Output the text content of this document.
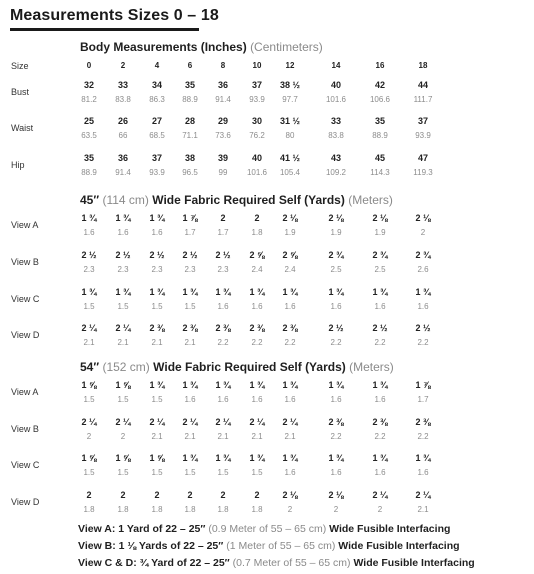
Measurements Sizes 0 – 18
Body Measurements (Inches) (Centimeters)
45″ (114 cm) Wide Fabric Required Self (Yards) (Meters)
54″ (152 cm) Wide Fabric Required Self (Yards) (Meters)
Size	0	2	4	6	8	10	12	14	16	18
Bust
32	33	34	35	36	37	38 ½	40	42	44
81.2	83.8	86.3	88.9	91.4	93.9	97.7	101.6	106.6	111.7
Waist
25	26	27	28	29	30	31 ½	33	35	37
63.5	66	68.5	71.1	73.6	76.2	80	83.8	88.9	93.9
Hip
35	36	37	38	39	40	41 ½	43	45	47
88.9	91.4	93.9	96.5	99	101.6	105.4	109.2	114.3	119.3
View A
1 ¾	1 ¾	1 ¾	1 ⅞	2	2	2 ⅛	2 ⅛	2 ⅛	2 ⅛
1.6	1.6	1.6	1.7	1.7	1.8	1.9	1.9	1.9	2
View B
2 ½	2 ½	2 ½	2 ½	2 ½	2 ⅝	2 ⅝	2 ¾	2 ¾	2 ¾
2.3	2.3	2.3	2.3	2.3	2.4	2.4	2.5	2.5	2.6
View C
1 ¾	1 ¾	1 ¾	1 ¾	1 ¾	1 ¾	1 ¾	1 ¾	1 ¾	1 ¾
1.5	1.5	1.5	1.5	1.6	1.6	1.6	1.6	1.6	1.6
View D
2 ¼	2 ¼	2 ⅜	2 ⅜	2 ⅜	2 ⅜	2 ⅜	2 ½	2 ½	2 ½
2.1	2.1	2.1	2.1	2.2	2.2	2.2	2.2	2.2	2.2
View A
1 ⅝	1 ⅝	1 ¾	1 ¾	1 ¾	1 ¾	1 ¾	1 ¾	1 ¾	1 ⅞
1.5	1.5	1.5	1.6	1.6	1.6	1.6	1.6	1.6	1.7
View B
2 ¼	2 ¼	2 ¼	2 ¼	2 ¼	2 ¼	2 ¼	2 ⅜	2 ⅜	2 ⅜
2	2	2.1	2.1	2.1	2.1	2.1	2.2	2.2	2.2
View C
1 ⅝	1 ⅝	1 ⅝	1 ¾	1 ¾	1 ¾	1 ¾	1 ¾	1 ¾	1 ¾
1.5	1.5	1.5	1.5	1.5	1.5	1.6	1.6	1.6	1.6
View D
2	2	2	2	2	2	2 ⅛	2 ⅛	2 ¼	2 ¼
1.8	1.8	1.8	1.8	1.8	1.8	2	2	2	2.1
View A: 1 Yard of 22 – 25″ (0.9 Meter of 55 – 65 cm) Wide Fusible Interfacing
View B: 1 ⅛ Yards of 22 – 25″ (1 Meter of 55 – 65 cm) Wide Fusible Interfacing
View C & D: ¾ Yard of 22 – 25″ (0.7 Meter of 55 – 65 cm) Wide Fusible Interfacing
